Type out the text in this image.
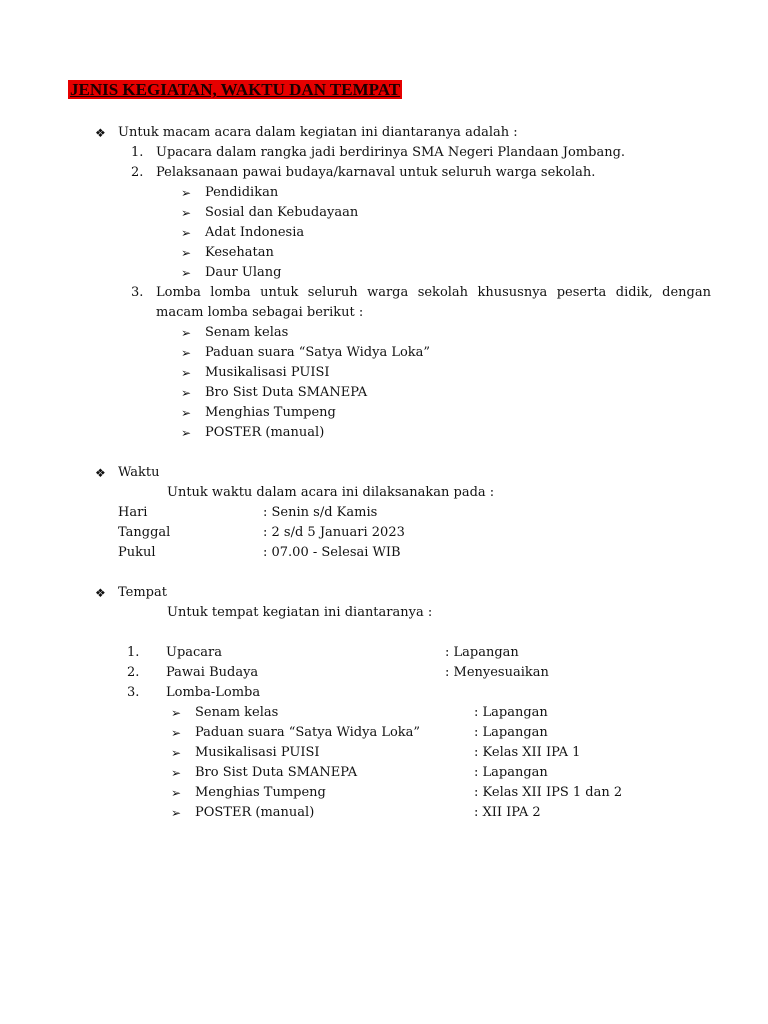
JENIS KEGIATAN, WAKTU DAN TEMPAT
❖ Untuk macam acara dalam kegiatan ini diantaranya adalah :
1. Upacara dalam rangka jadi berdirinya SMA Negeri Plandaan Jombang.
2. Pelaksanaan pawai budaya/karnaval untuk seluruh warga sekolah.
➢ Pendidikan
➢ Sosial dan Kebudayaan
➢ Adat Indonesia
➢ Kesehatan
➢ Daur Ulang
3. Lomba lomba untuk seluruh warga sekolah khususnya peserta didik, dengan
macam lomba sebagai berikut :
➢ Senam kelas
➢ Paduan suara “Satya Widya Loka”
➢ Musikalisasi PUISI
➢ Bro Sist Duta SMANEPA
➢ Menghias Tumpeng
➢ POSTER (manual)
❖ Waktu
Untuk waktu dalam acara ini dilaksanakan pada :
Hari	: Senin s/d Kamis
Tanggal	: 2 s/d 5 Januari 2023
Pukul	: 07.00 - Selesai WIB
❖ Tempat
Untuk tempat kegiatan ini diantaranya :
1. Upacara	: Lapangan
2. Pawai Budaya	: Menyesuaikan
3. Lomba-Lomba
➢ Senam kelas	: Lapangan
➢ Paduan suara “Satya Widya Loka”	: Lapangan
➢ Musikalisasi PUISI	: Kelas XII IPA 1
➢ Bro Sist Duta SMANEPA	: Lapangan
➢ Menghias Tumpeng	: Kelas XII IPS 1 dan 2
➢ POSTER (manual)	: XII IPA 2
